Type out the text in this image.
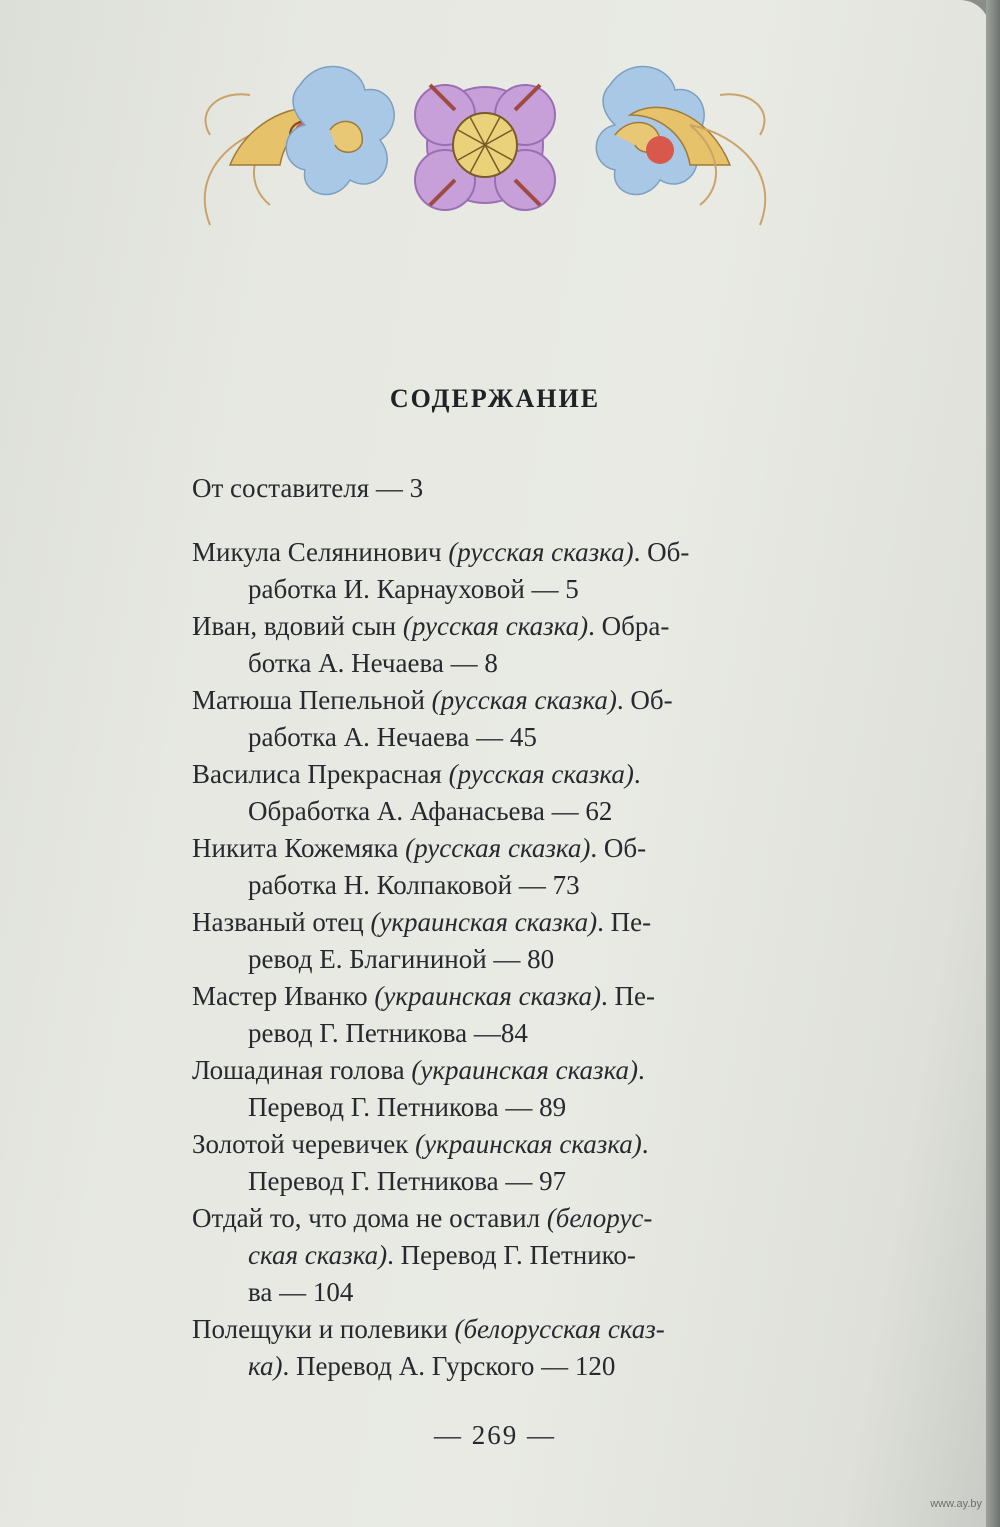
СОДЕРЖАНИЕ
От составителя — 3
Микула Селянинович (русская сказка). Об-
работка И. Карнауховой — 5
Иван, вдовий сын (русская сказка). Обра-
ботка А. Нечаева — 8
Матюша Пепельной (русская сказка). Об-
работка А. Нечаева — 45
Василиса Прекрасная (русская сказка).
Обработка А. Афанасьева — 62
Никита Кожемяка (русская сказка). Об-
работка Н. Колпаковой — 73
Названый отец (украинская сказка). Пе-
ревод Е. Благининой — 80
Мастер Иванко (украинская сказка). Пе-
ревод Г. Петникова —84
Лошадиная голова (украинская сказка).
Перевод Г. Петникова — 89
Золотой черевичек (украинская сказка).
Перевод Г. Петникова — 97
Отдай то, что дома не оставил (белорус-
ская сказка). Перевод Г. Петнико-
ва — 104
Полещуки и полевики (белорусская сказ-
ка). Перевод А. Гурского — 120
— 269 —
www.ay.by
